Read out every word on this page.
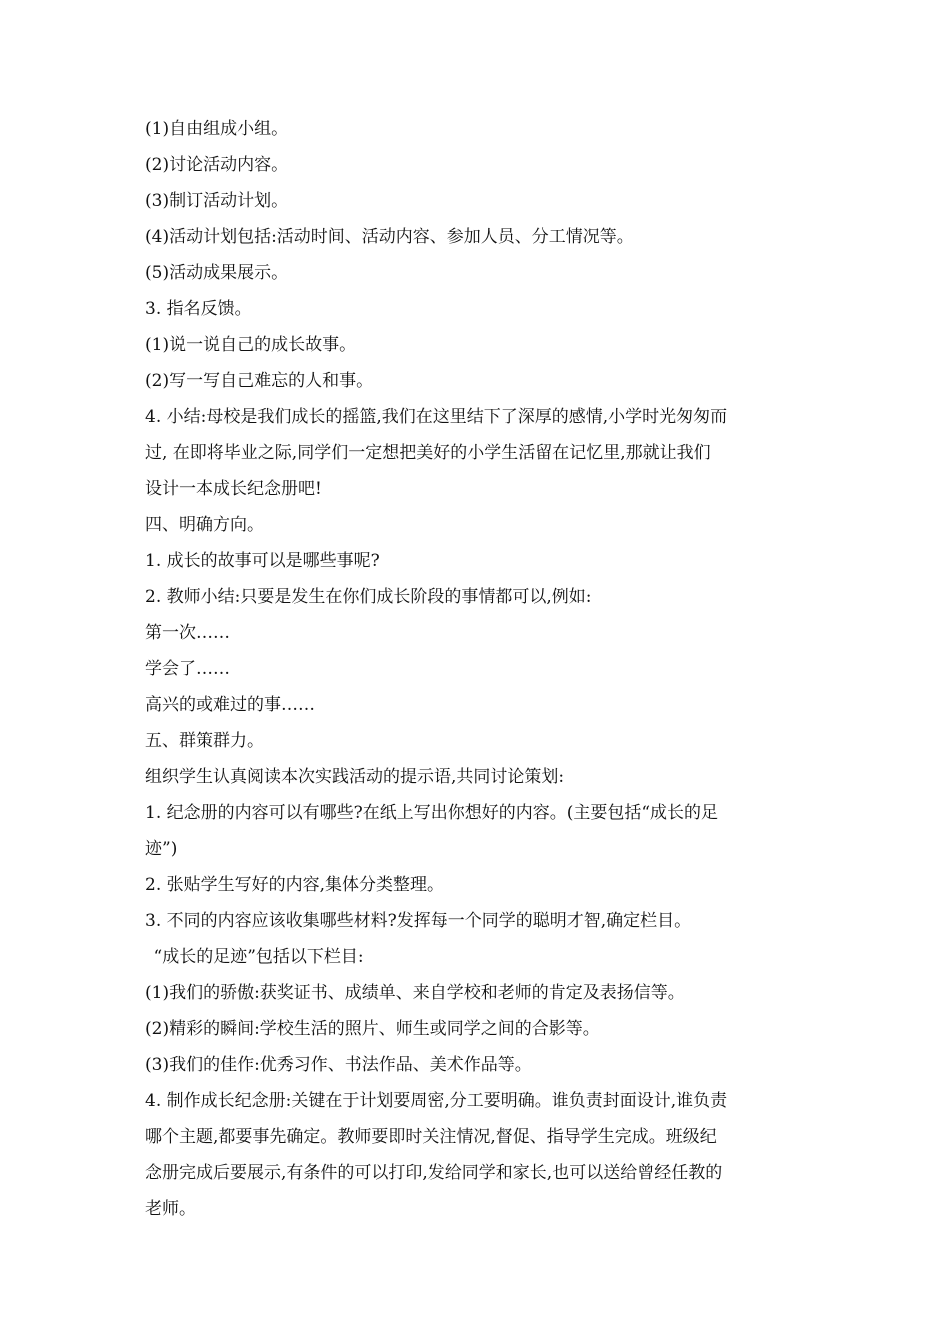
(1)自由组成小组。

(2)讨论活动内容。

(3)制订活动计划。

(4)活动计划包括:活动时间、活动内容、参加人员、分工情况等。

(5)活动成果展示。

3. 指名反馈。

(1)说一说自己的成长故事。

(2)写一写自己难忘的人和事。

4. 小结:母校是我们成长的摇篮,我们在这里结下了深厚的感情,小学时光匆匆而

过, 在即将毕业之际,同学们一定想把美好的小学生活留在记忆里,那就让我们

设计一本成长纪念册吧!

四、明确方向。

1. 成长的故事可以是哪些事呢?

2. 教师小结:只要是发生在你们成长阶段的事情都可以,例如:

第一次……

学会了……

高兴的或难过的事……

五、群策群力。

组织学生认真阅读本次实践活动的提示语,共同讨论策划:

1. 纪念册的内容可以有哪些?在纸上写出你想好的内容。(主要包括“成长的足

迹”)

2. 张贴学生写好的内容,集体分类整理。

3. 不同的内容应该收集哪些材料?发挥每一个同学的聪明才智,确定栏目。

“成长的足迹”包括以下栏目:

(1)我们的骄傲:获奖证书、成绩单、来自学校和老师的肯定及表扬信等。

(2)精彩的瞬间:学校生活的照片、师生或同学之间的合影等。

(3)我们的佳作:优秀习作、书法作品、美术作品等。

4. 制作成长纪念册:关键在于计划要周密,分工要明确。谁负责封面设计,谁负责

哪个主题,都要事先确定。教师要即时关注情况,督促、指导学生完成。班级纪

念册完成后要展示,有条件的可以打印,发给同学和家长,也可以送给曾经任教的

老师。
